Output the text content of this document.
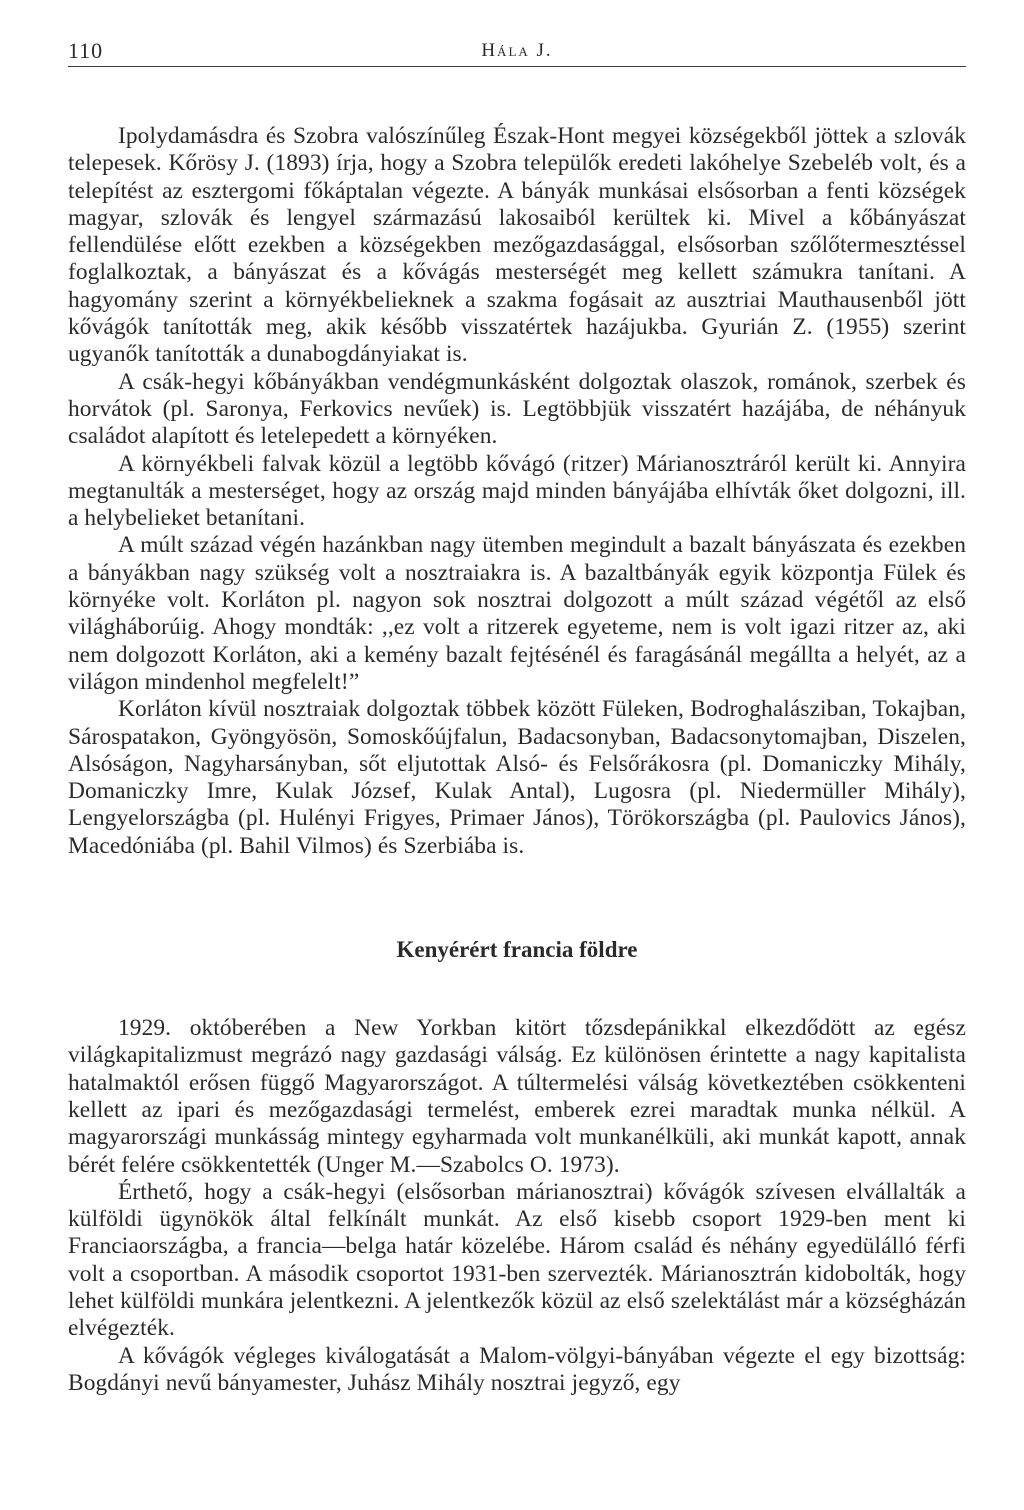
110	Hála J.

Ipolydamásdra és Szobra valószínűleg Észak-Hont megyei községekből jöttek a szlovák telepesek. Kőrösy J. (1893) írja, hogy a Szobra települők eredeti lakóhelye Szebeléb volt, és a telepítést az esztergomi főkáptalan végezte. A bányák munkásai elsősorban a fenti községek magyar, szlovák és lengyel származású lakosaiból kerültek ki. Mivel a kőbányászat fellendülése előtt ezekben a községekben mezőgazdasággal, elsősorban szőlőtermesztéssel foglalkoztak, a bányászat és a kővágás mesterségét meg kellett számukra tanítani. A hagyomány szerint a környékbelieknek a szakma fogásait az ausztriai Mauthausenből jött kővágók tanították meg, akik később visszatértek hazájukba. Gyurián Z. (1955) szerint ugyanők tanították a dunabogdányiakat is.

A csák-hegyi kőbányákban vendégmunkásként dolgoztak olaszok, románok, szerbek és horvátok (pl. Saronya, Ferkovics nevűek) is. Legtöbbjük visszatért hazájába, de néhányuk családot alapított és letelepedett a környéken.

A környékbeli falvak közül a legtöbb kővágó (ritzer) Márianosztráról került ki. Annyira megtanulták a mesterséget, hogy az ország majd minden bányájába elhívták őket dolgozni, ill. a helybelieket betanítani.

A múlt század végén hazánkban nagy ütemben megindult a bazalt bányászata és ezekben a bányákban nagy szükség volt a nosztraiakra is. A bazaltbányák egyik központja Fülek és környéke volt. Korláton pl. nagyon sok nosztrai dolgozott a múlt század végétől az első világháborúig. Ahogy mondták: ,,ez volt a ritzerek egyeteme, nem is volt igazi ritzer az, aki nem dolgozott Korláton, aki a kemény bazalt fejtésénél és faragásánál megállta a helyét, az a világon mindenhol megfelelt!”

Korláton kívül nosztraiak dolgoztak többek között Füleken, Bodroghalásziban, Tokajban, Sárospatakon, Gyöngyösön, Somoskőújfalun, Badacsonyban, Badacsonytomajban, Diszelen, Alsóságon, Nagyharsányban, sőt eljutottak Alsó- és Felsőrákosra (pl. Domaniczky Mihály, Domaniczky Imre, Kulak József, Kulak Antal), Lugosra (pl. Niedermüller Mihály), Lengyelországba (pl. Hulényi Frigyes, Primaer János), Törökországba (pl. Paulovics János), Macedóniába (pl. Bahil Vilmos) és Szerbiába is.

Kenyérért francia földre

1929. októberében a New Yorkban kitört tőzsdepánikkal elkezdődött az egész világkapitalizmust megrázó nagy gazdasági válság. Ez különösen érintette a nagy kapitalista hatalmaktól erősen függő Magyarországot. A túltermelési válság következtében csökkenteni kellett az ipari és mezőgazdasági termelést, emberek ezrei maradtak munka nélkül. A magyarországi munkásság mintegy egyharmada volt munkanélküli, aki munkát kapott, annak bérét felére csökkentették (Unger M.—Szabolcs O. 1973).

Érthető, hogy a csák-hegyi (elsősorban márianosztrai) kővágók szívesen elvállalták a külföldi ügynökök által felkínált munkát. Az első kisebb csoport 1929-ben ment ki Franciaországba, a francia—belga határ közelébe. Három család és néhány egyedülálló férfi volt a csoportban. A második csoportot 1931-ben szervezték. Márianosztrán kidobolták, hogy lehet külföldi munkára jelentkezni. A jelentkezők közül az első szelektálást már a községházán elvégezték.

A kővágók végleges kiválogatását a Malom-völgyi-bányában végezte el egy bizottság: Bogdányi nevű bányamester, Juhász Mihály nosztrai jegyző, egy
